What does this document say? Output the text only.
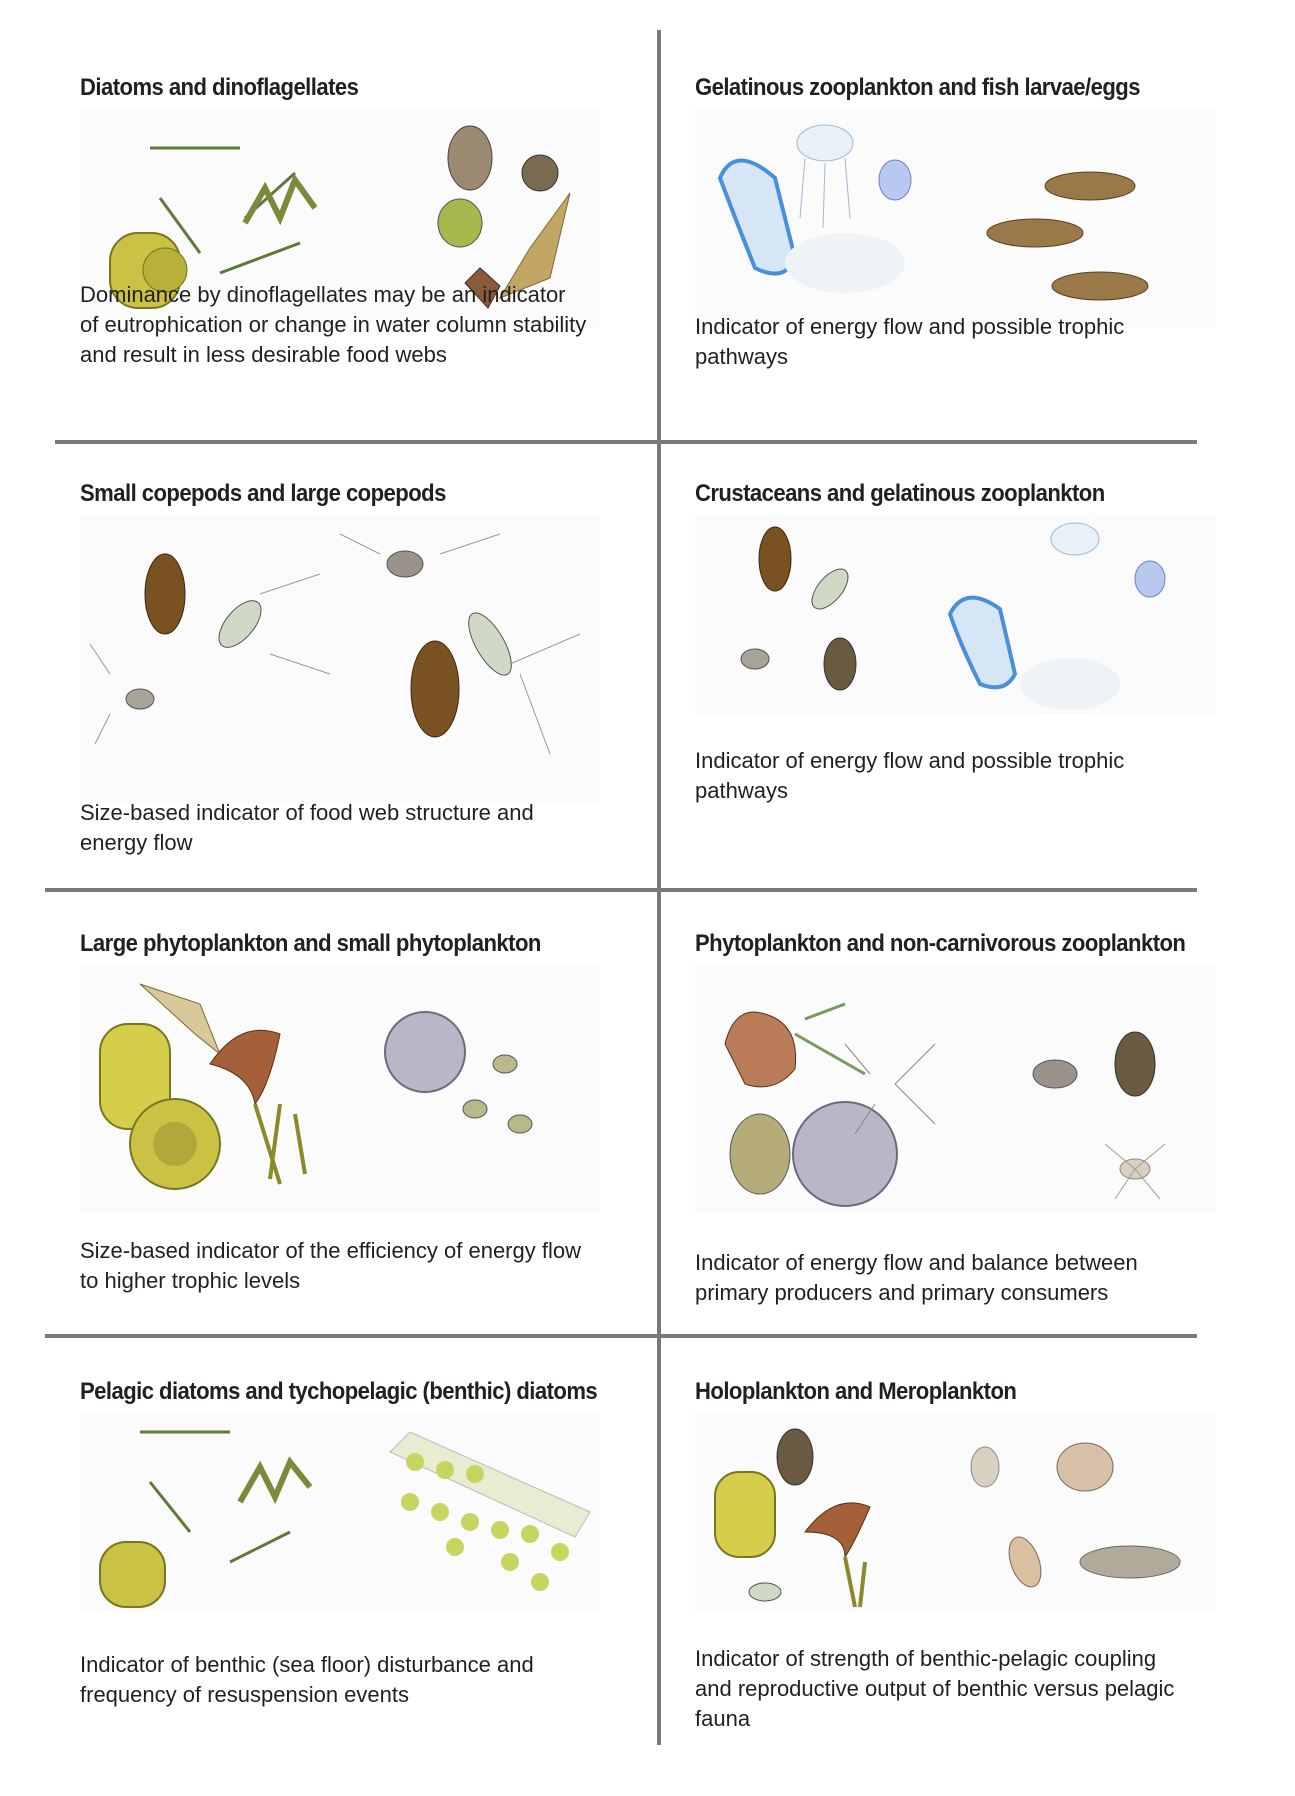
Diatoms and dinoflagellates
Dominance by dinoflagellates may be an indicator
of eutrophication or change in water column stability
and result in less desirable food webs
Gelatinous zooplankton and fish larvae/eggs
Indicator of energy flow and possible trophic
pathways
Small copepods and large copepods
Size-based indicator of food web structure and
energy flow
Crustaceans and gelatinous zooplankton
Indicator of energy flow and possible trophic
pathways
Large phytoplankton and small phytoplankton
Size-based indicator of the efficiency of energy flow
to higher trophic levels
Phytoplankton and non-carnivorous zooplankton
Indicator of energy flow and balance between
primary producers and primary consumers
Pelagic diatoms and tychopelagic (benthic) diatoms
Indicator of benthic (sea floor) disturbance and
frequency of resuspension events
Holoplankton and Meroplankton
Indicator of strength of benthic-pelagic coupling
and reproductive output of benthic versus pelagic
fauna
